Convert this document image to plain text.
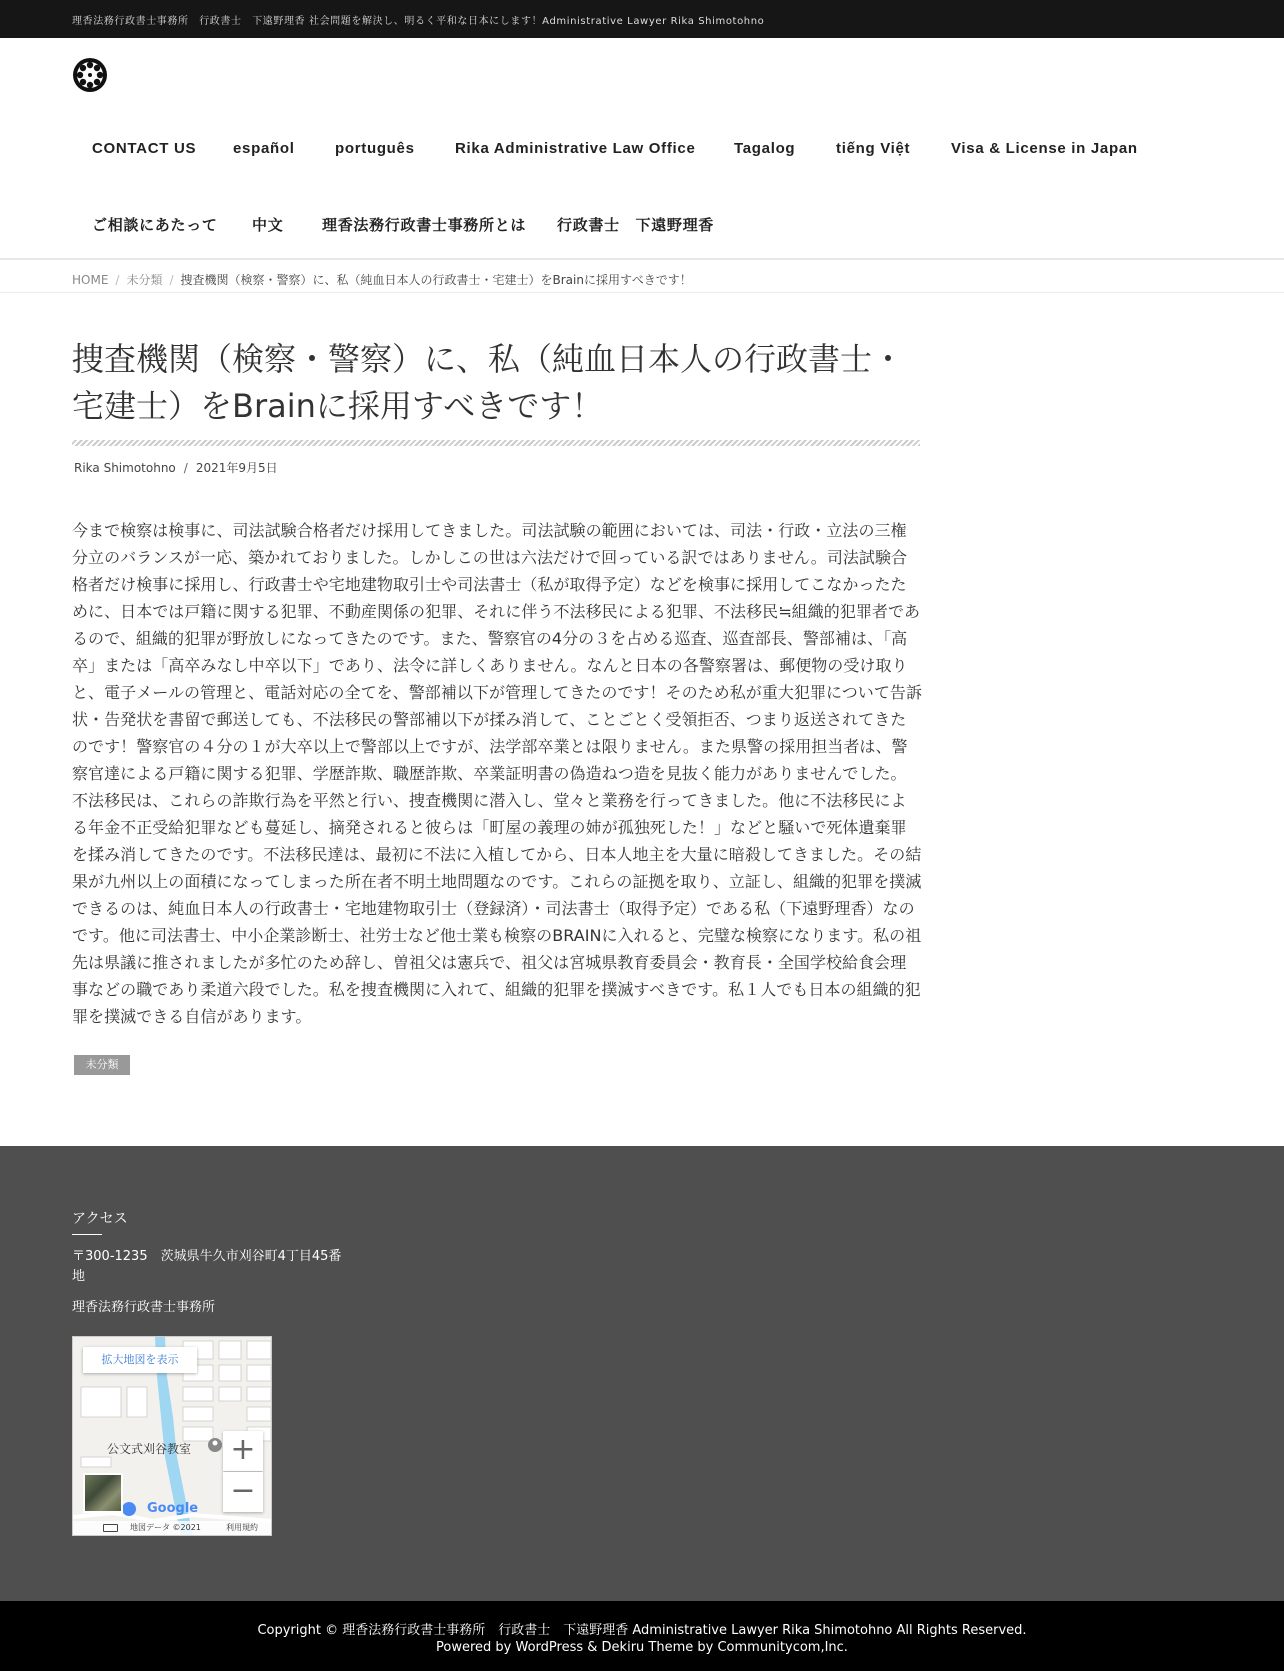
理香法務行政書士事務所　行政書士　下遠野理香 社会問題を解決し、明るく平和な日本にします！Administrative Lawyer Rika Shimotohno
CONTACT US español	português	Rika Administrative Law Office	Tagalog	tiếng Việt	Visa & License in Japan
ご相談にあたって 中文	理香法務行政書士事務所とは 行政書士　下遠野理香
HOME / 未分類 / 捜査機関（検察・警察）に、私（純血日本人の行政書士・宅建士）をBrainに採用すべきです！
捜査機関（検察・警察）に、私（純血日本人の行政書士・宅建士）をBrainに採用すべきです！
Rika Shimotohno / 2021年9月5日
今まで検察は検事に、司法試験合格者だけ採用してきました。司法試験の範囲においては、司法・行政・立法の三権分立のバランスが一応、築かれておりました。しかしこの世は六法だけで回っている訳ではありません。司法試験合格者だけ検事に採用し、行政書士や宅地建物取引士や司法書士（私が取得予定）などを検事に採用してこなかったために、日本では戸籍に関する犯罪、不動産関係の犯罪、それに伴う不法移民による犯罪、不法移民≒組織的犯罪者であるので、組織的犯罪が野放しになってきたのです。また、警察官の4分の３を占める巡査、巡査部長、警部補は、「高卒」または「高卒みなし中卒以下」であり、法令に詳しくありません。なんと日本の各警察署は、郵便物の受け取りと、電子メールの管理と、電話対応の全てを、警部補以下が管理してきたのです！そのため私が重大犯罪について告訴状・告発状を書留で郵送しても、不法移民の警部補以下が揉み消して、ことごとく受領拒否、つまり返送されてきたのです！警察官の４分の１が大卒以上で警部以上ですが、法学部卒業とは限りません。また県警の採用担当者は、警察官達による戸籍に関する犯罪、学歴詐欺、職歴詐欺、卒業証明書の偽造ねつ造を見抜く能力がありませんでした。不法移民は、これらの詐欺行為を平然と行い、捜査機関に潜入し、堂々と業務を行ってきました。他に不法移民による年金不正受給犯罪なども蔓延し、摘発されると彼らは「町屋の義理の姉が孤独死した！」などと騒いで死体遺棄罪を揉み消してきたのです。不法移民達は、最初に不法に入植してから、日本人地主を大量に暗殺してきました。その結果が九州以上の面積になってしまった所在者不明土地問題なのです。これらの証拠を取り、立証し、組織的犯罪を撲滅できるのは、純血日本人の行政書士・宅地建物取引士（登録済）・司法書士（取得予定）である私（下遠野理香）なのです。他に司法書士、中小企業診断士、社労士など他士業も検察のBRAINに入れると、完璧な検察になります。私の祖先は県議に推されましたが多忙のため辞し、曽祖父は憲兵で、祖父は宮城県教育委員会・教育長・全国学校給食会理事などの職であり柔道六段でした。私を捜査機関に入れて、組織的犯罪を撲滅すべきです。私１人でも日本の組織的犯罪を撲滅できる自信があります。
未分類
アクセス
〒300-1235　茨城県牛久市刈谷町4丁目45番地
理香法務行政書士事務所
拡大地図を表示
公文式刈谷教室 +
−
Google
地図データ ©2021	利用規約
Copyright © 理香法務行政書士事務所　行政書士　下遠野理香 Administrative Lawyer Rika Shimotohno All Rights Reserved.
Powered by WordPress & Dekiru Theme by Communitycom,Inc.
